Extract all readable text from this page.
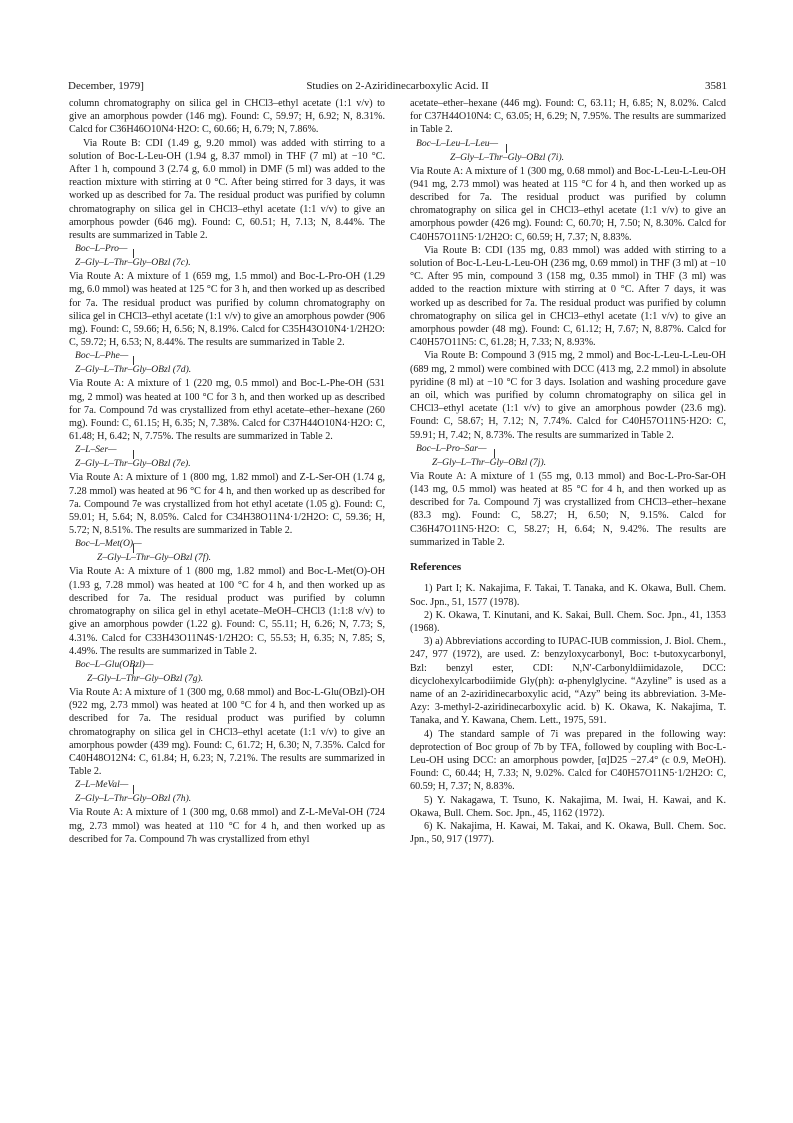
December, 1979]	Studies on 2-Aziridinecarboxylic Acid. II	3581

column chromatography on silica gel in CHCl3–ethyl acetate (1:1 v/v) to give an amorphous powder (146 mg). Found: C, 59.97; H, 6.92; N, 8.31%. Calcd for C36H46O10N4·H2O: C, 60.66; H, 6.79; N, 7.86%.

Via Route B: CDI (1.49 g, 9.20 mmol) was added with stirring to a solution of Boc-L-Leu-OH (1.94 g, 8.37 mmol) in THF (7 ml) at −10 °C. After 1 h, compound 3 (2.74 g, 6.0 mmol) in DMF (5 ml) was added to the reaction mixture with stirring at 0 °C. After being stirred for 3 days, it was worked up as described for 7a. The residual product was purified by column chromatography on silica gel in CHCl3–ethyl acetate (1:1 v/v) to give an amorphous powder (646 mg). Found: C, 60.51; H, 7.13; N, 8.44%. The results are summarized in Table 2.

Boc–L–Pro—
Z–Gly–L–Thr–Gly–OBzl (7c).

Via Route A: A mixture of 1 (659 mg, 1.5 mmol) and Boc-L-Pro-OH (1.29 mg, 6.0 mmol) was heated at 125 °C for 3 h, and then worked up as described for 7a. The residual product was purified by column chromatography on silica gel in CHCl3–ethyl acetate (1:1 v/v) to give an amorphous powder (906 mg). Found: C, 59.66; H, 6.56; N, 8.19%. Calcd for C35H43O10N4·1/2H2O: C, 59.72; H, 6.53; N, 8.44%. The results are summarized in Table 2.

Boc–L–Phe—
Z–Gly–L–Thr–Gly–OBzl (7d).

Via Route A: A mixture of 1 (220 mg, 0.5 mmol) and Boc-L-Phe-OH (531 mg, 2 mmol) was heated at 100 °C for 3 h, and then worked up as described for 7a. Compound 7d was crystallized from ethyl acetate–ether–hexane (260 mg). Found: C, 61.15; H, 6.35; N, 7.38%. Calcd for C37H44O10N4·H2O: C, 61.48; H, 6.42; N, 7.75%. The results are summarized in Table 2.

Z–L–Ser—
Z–Gly–L–Thr–Gly–OBzl (7e).

Via Route A: A mixture of 1 (800 mg, 1.82 mmol) and Z-L-Ser-OH (1.74 g, 7.28 mmol) was heated at 96 °C for 4 h, and then worked up as described for 7a. Compound 7e was crystallized from hot ethyl acetate (1.05 g). Found: C, 59.01; H, 5.64; N, 8.05%. Calcd for C34H38O11N4·1/2H2O: C, 59.36; H, 5.72; N, 8.51%. The results are summarized in Table 2.

Boc–L–Met(O)—
Z–Gly–L–Thr–Gly–OBzl (7f).

Via Route A: A mixture of 1 (800 mg, 1.82 mmol) and Boc-L-Met(O)-OH (1.93 g, 7.28 mmol) was heated at 100 °C for 4 h, and then worked up as described for 7a. The residual product was purified by column chromatography on silica gel in ethyl acetate–MeOH–CHCl3 (1:1:8 v/v) to give an amorphous powder (1.22 g). Found: C, 55.11; H, 6.26; N, 7.73; S, 4.31%. Calcd for C33H43O11N4S·1/2H2O: C, 55.53; H, 6.35; N, 7.85; S, 4.49%. The results are summarized in Table 2.

Boc–L–Glu(OBzl)—
Z–Gly–L–Thr–Gly–OBzl (7g).

Via Route A: A mixture of 1 (300 mg, 0.68 mmol) and Boc-L-Glu(OBzl)-OH (922 mg, 2.73 mmol) was heated at 100 °C for 4 h, and then worked up as described for 7a. The residual product was purified by column chromatography on silica gel in CHCl3–ethyl acetate (1:1 v/v) to give an amorphous powder (439 mg). Found: C, 61.72; H, 6.30; N, 7.35%. Calcd for C40H48O12N4: C, 61.84; H, 6.23; N, 7.21%. The results are summarized in Table 2.

Z–L–MeVal—
Z–Gly–L–Thr–Gly–OBzl (7h).

Via Route A: A mixture of 1 (300 mg, 0.68 mmol) and Z-L-MeVal-OH (724 mg, 2.73 mmol) was heated at 110 °C for 4 h, and then worked up as described for 7a. Compound 7h was crystallized from ethyl

acetate–ether–hexane (446 mg). Found: C, 63.11; H, 6.85; N, 8.02%. Calcd for C37H44O10N4: C, 63.05; H, 6.29; N, 7.95%. The results are summarized in Table 2.

Boc–L–Leu–L–Leu—
Z–Gly–L–Thr–Gly–OBzl (7i).

Via Route A: A mixture of 1 (300 mg, 0.68 mmol) and Boc-L-Leu-L-Leu-OH (941 mg, 2.73 mmol) was heated at 115 °C for 4 h, and then worked up as described for 7a. The residual product was purified by column chromatography on silica gel in CHCl3–ethyl acetate (1:1 v/v) to give an amorphous powder (426 mg). Found: C, 60.70; H, 7.50; N, 8.30%. Calcd for C40H57O11N5·1/2H2O: C, 60.59; H, 7.37; N, 8.83%.

Via Route B: CDI (135 mg, 0.83 mmol) was added with stirring to a solution of Boc-L-Leu-L-Leu-OH (236 mg, 0.69 mmol) in THF (3 ml) at −10 °C. After 95 min, compound 3 (158 mg, 0.35 mmol) in THF (3 ml) was added to the reaction mixture with stirring at 0 °C. After 7 days, it was worked up as described for 7a. The residual product was purified by column chromatography on silica gel in CHCl3–ethyl acetate (1:1 v/v) to give an amorphous powder (48 mg). Found: C, 61.12; H, 7.67; N, 8.87%. Calcd for C40H57O11N5: C, 61.28; H, 7.33; N, 8.93%.

Via Route B: Compound 3 (915 mg, 2 mmol) and Boc-L-Leu-L-Leu-OH (689 mg, 2 mmol) were combined with DCC (413 mg, 2.2 mmol) in absolute pyridine (8 ml) at −10 °C for 3 days. Isolation and washing procedure gave an oil, which was purified by column chromatography on silica gel in CHCl3–ethyl acetate (1:1 v/v) to give an amorphous powder (23.6 mg). Found: C, 58.67; H, 7.12; N, 7.74%. Calcd for C40H57O11N5·H2O: C, 59.91; H, 7.42; N, 8.73%. The results are summarized in Table 2.

Boc–L–Pro–Sar—
Z–Gly–L–Thr–Gly–OBzl (7j).

Via Route A: A mixture of 1 (55 mg, 0.13 mmol) and Boc-L-Pro-Sar-OH (143 mg, 0.5 mmol) was heated at 85 °C for 4 h, and then worked up as described for 7a. Compound 7j was crystallized from CHCl3–ether–hexane (83.3 mg). Found: C, 58.27; H, 6.50; N, 9.15%. Calcd for C36H47O11N5·H2O: C, 58.27; H, 6.64; N, 9.42%. The results are summarized in Table 2.

References

1) Part I; K. Nakajima, F. Takai, T. Tanaka, and K. Okawa, Bull. Chem. Soc. Jpn., 51, 1577 (1978).

2) K. Okawa, T. Kinutani, and K. Sakai, Bull. Chem. Soc. Jpn., 41, 1353 (1968).

3) a) Abbreviations according to IUPAC-IUB commission, J. Biol. Chem., 247, 977 (1972), are used. Z: benzyloxycarbonyl, Boc: t-butoxycarbonyl, Bzl: benzyl ester, CDI: N,N′-Carbonyldiimidazole, DCC: dicyclohexylcarbodiimide Gly(ph): α-phenylglycine. “Azyline” is used as a name of an 2-aziridinecarboxylic acid, “Azy” being its abbreviation. 3-Me-Azy: 3-methyl-2-aziridinecarboxylic acid. b) K. Okawa, K. Nakajima, T. Tanaka, and Y. Kawana, Chem. Lett., 1975, 591.

4) The standard sample of 7i was prepared in the following way: deprotection of Boc group of 7b by TFA, followed by coupling with Boc-L-Leu-OH using DCC: an amorphous powder, [α]D25 −27.4° (c 0.9, MeOH). Found: C, 60.44; H, 7.33; N, 9.02%. Calcd for C40H57O11N5·1/2H2O: C, 60.59; H, 7.37; N, 8.83%.

5) Y. Nakagawa, T. Tsuno, K. Nakajima, M. Iwai, H. Kawai, and K. Okawa, Bull. Chem. Soc. Jpn., 45, 1162 (1972).

6) K. Nakajima, H. Kawai, M. Takai, and K. Okawa, Bull. Chem. Soc. Jpn., 50, 917 (1977).
